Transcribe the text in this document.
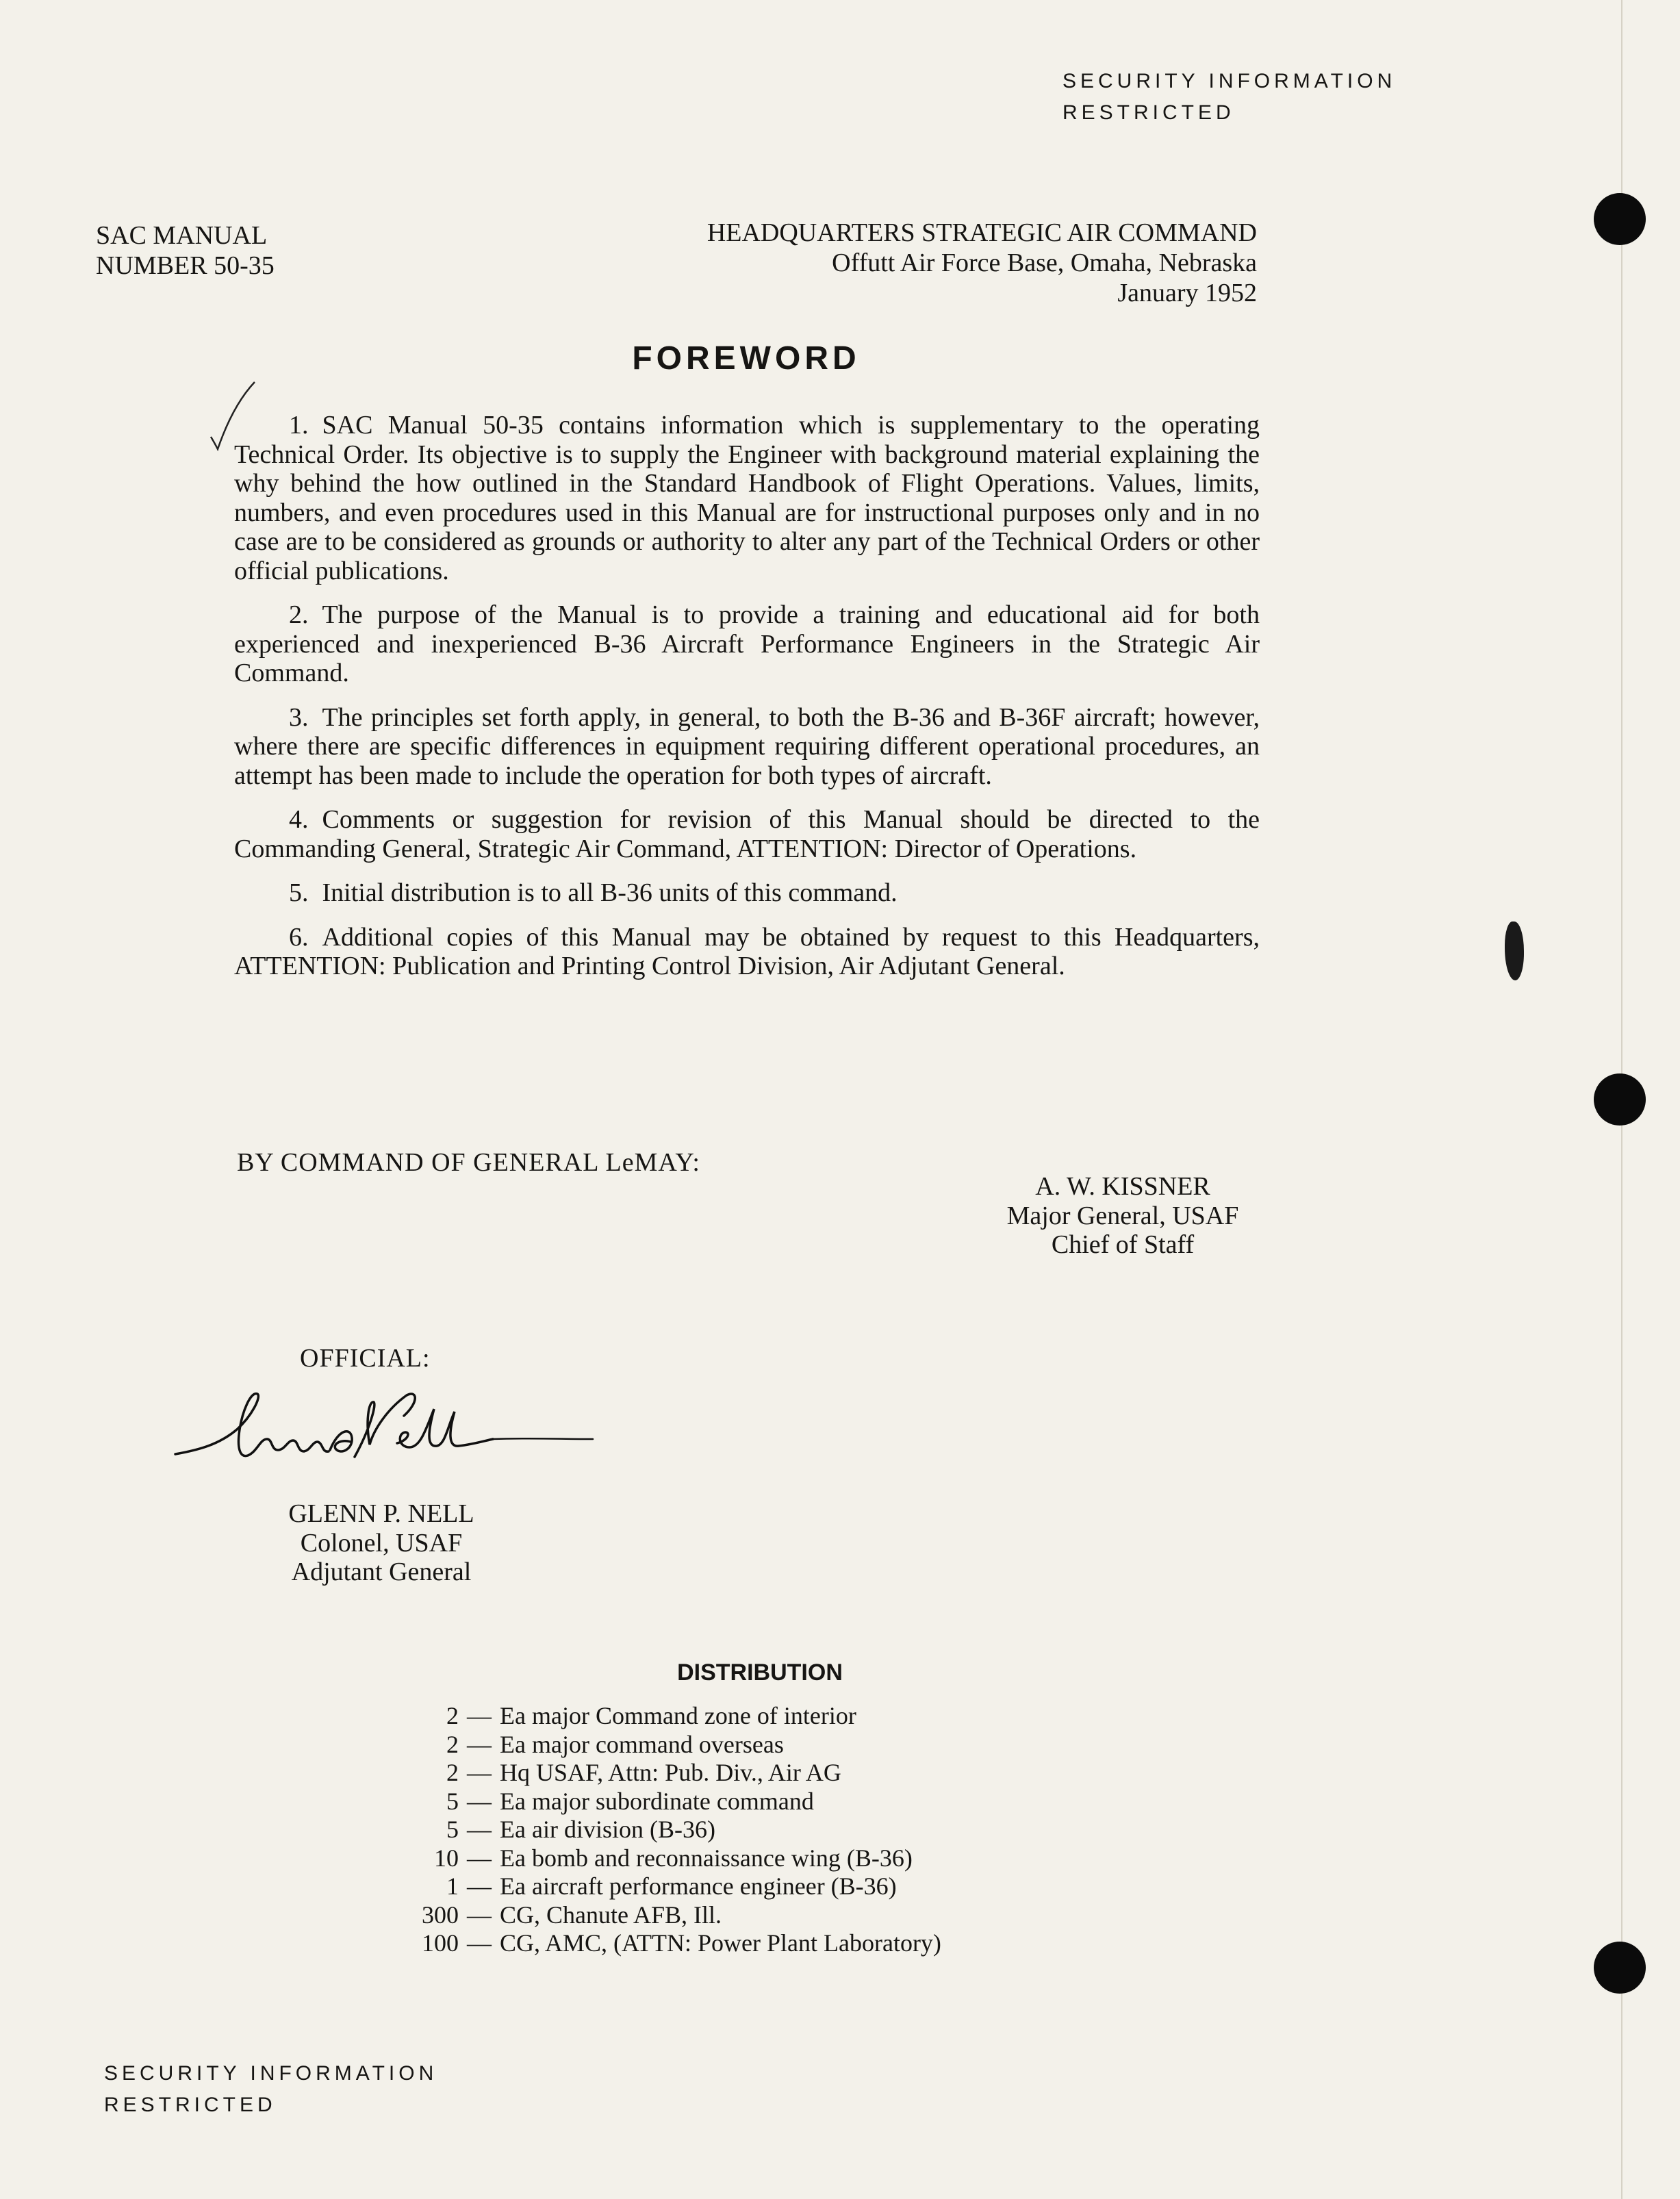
SECURITY INFORMATION
RESTRICTED
SAC MANUAL
NUMBER 50-35
HEADQUARTERS STRATEGIC AIR COMMAND
Offutt Air Force Base, Omaha, Nebraska
January 1952
FOREWORD

1. SAC Manual 50-35 contains information which is supplementary to the operating Technical Order. Its objective is to supply the Engineer with background material explaining the why behind the how outlined in the Standard Handbook of Flight Operations. Values, limits, numbers, and even procedures used in this Manual are for instructional purposes only and in no case are to be considered as grounds or authority to alter any part of the Technical Orders or other official publications.

2. The purpose of the Manual is to provide a training and educational aid for both experienced and inexperienced B-36 Aircraft Performance Engineers in the Strategic Air Command.

3. The principles set forth apply, in general, to both the B-36 and B-36F aircraft; however, where there are specific differences in equipment requiring different operational procedures, an attempt has been made to include the operation for both types of aircraft.

4. Comments or suggestion for revision of this Manual should be directed to the Commanding General, Strategic Air Command, ATTENTION: Director of Operations.

5. Initial distribution is to all B-36 units of this command.

6. Additional copies of this Manual may be obtained by request to this Headquarters, ATTENTION: Publication and Printing Control Division, Air Adjutant General.

BY COMMAND OF GENERAL LeMAY:
A. W. KISSNER
Major General, USAF
Chief of Staff
OFFICIAL:
GLENN P. NELL
Colonel, USAF
Adjutant General
DISTRIBUTION
2 — Ea major Command zone of interior
2 — Ea major command overseas
2 — Hq USAF, Attn: Pub. Div., Air AG
5 — Ea major subordinate command
5 — Ea air division (B-36)
10 — Ea bomb and reconnaissance wing (B-36)
1 — Ea aircraft performance engineer (B-36)
300 — CG, Chanute AFB, Ill.
100 — CG, AMC, (ATTN: Power Plant Laboratory)
SECURITY INFORMATION
RESTRICTED
